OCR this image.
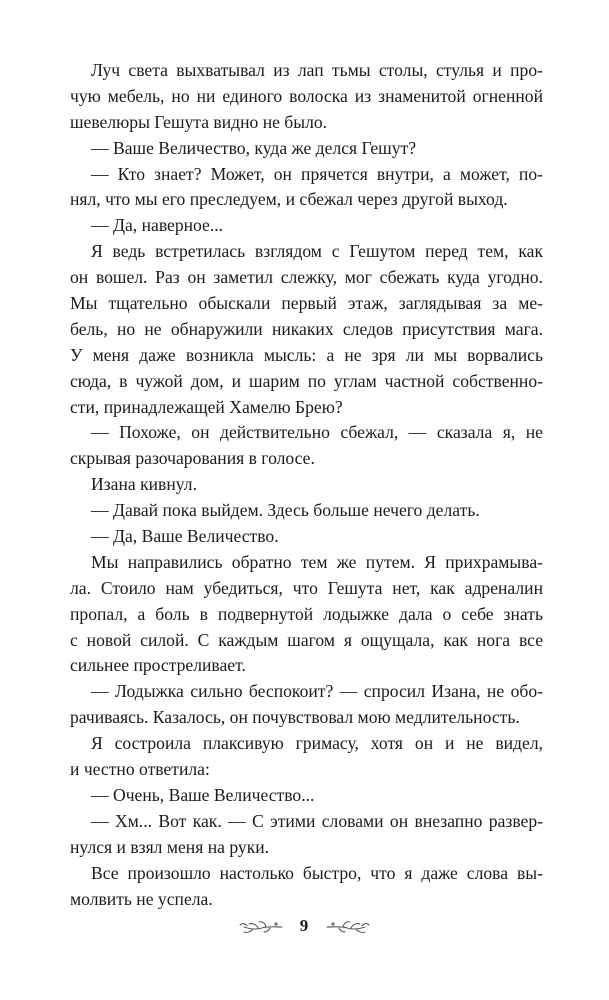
Луч света выхватывал из лап тьмы столы, стулья и про-
чую мебель, но ни единого волоска из знаменитой огненной
шевелюры Гешута видно не было.
— Ваше Величество, куда же делся Гешут?
— Кто знает? Может, он прячется внутри, а может, по-
нял, что мы его преследуем, и сбежал через другой выход.
— Да, наверное...
Я ведь встретилась взглядом с Гешутом перед тем, как
он вошел. Раз он заметил слежку, мог сбежать куда угодно.
Мы тщательно обыскали первый этаж, заглядывая за ме-
бель, но не обнаружили никаких следов присутствия мага.
У меня даже возникла мысль: а не зря ли мы ворвались
сюда, в чужой дом, и шарим по углам частной собственно-
сти, принадлежащей Хамелю Брею?
— Похоже, он действительно сбежал, — сказала я, не
скрывая разочарования в голосе.
Изана кивнул.
— Давай пока выйдем. Здесь больше нечего делать.
— Да, Ваше Величество.
Мы направились обратно тем же путем. Я прихрамыва-
ла. Стоило нам убедиться, что Гешута нет, как адреналин
пропал, а боль в подвернутой лодыжке дала о себе знать
с новой силой. С каждым шагом я ощущала, как нога все
сильнее простреливает.
— Лодыжка сильно беспокоит? — спросил Изана, не обо-
рачиваясь. Казалось, он почувствовал мою медлительность.
Я состроила плаксивую гримасу, хотя он и не видел,
и честно ответила:
— Очень, Ваше Величество...
— Хм... Вот как. — С этими словами он внезапно развер-
нулся и взял меня на руки.
Все произошло настолько быстро, что я даже слова вы-
молвить не успела.
9
